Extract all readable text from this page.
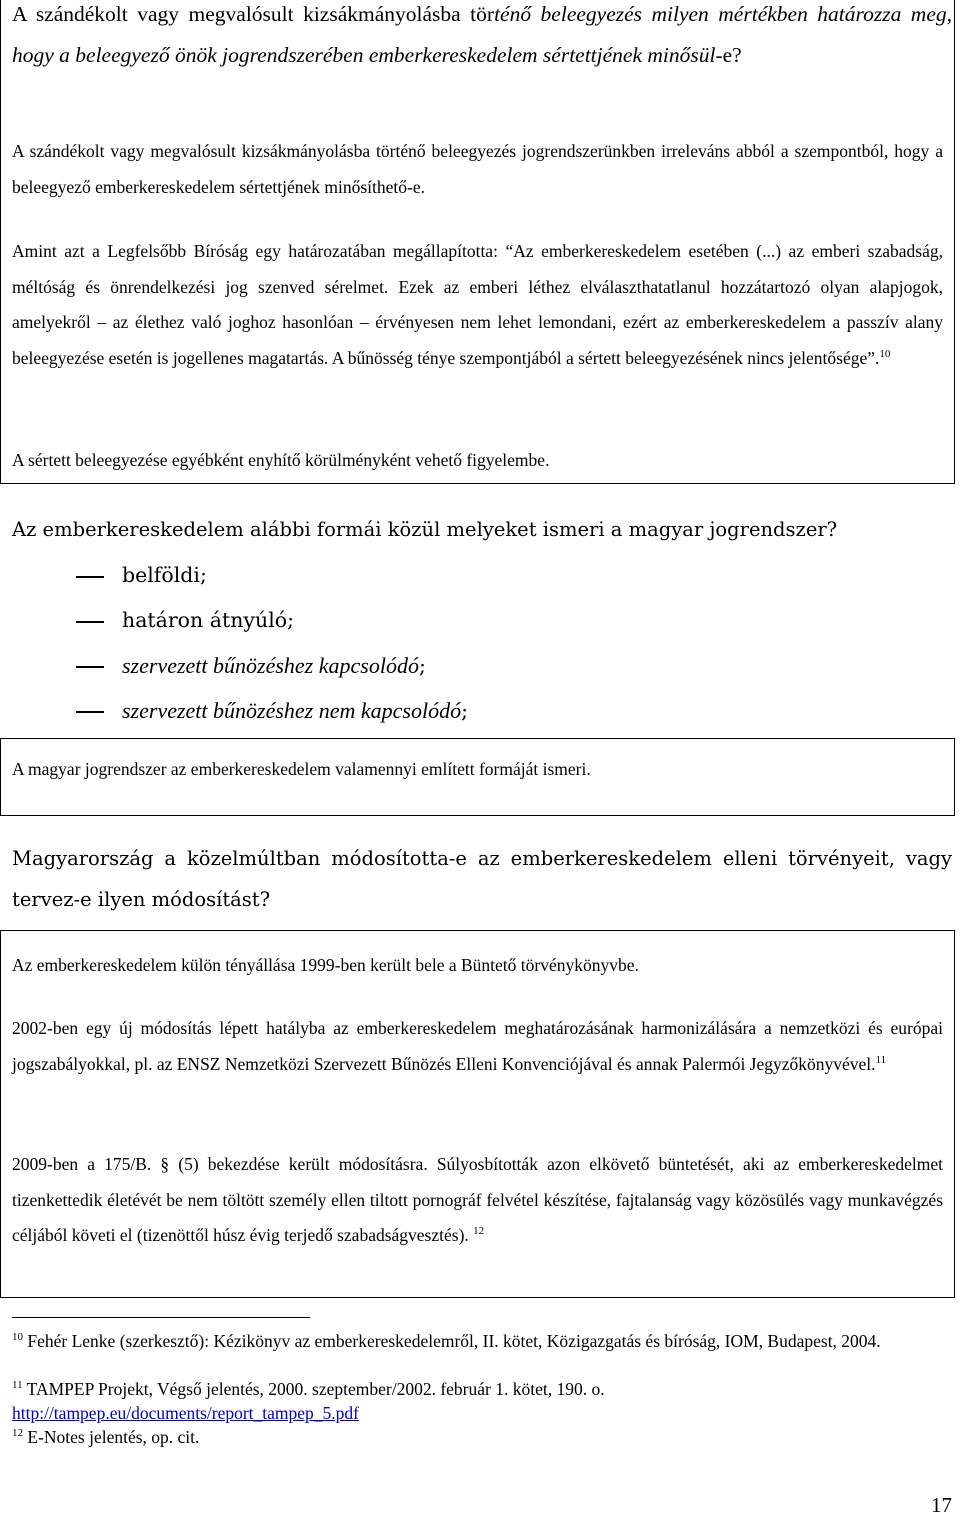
A szándékolt vagy megvalósult kizsákmányolásba történő beleegyezés milyen mértékben határozza meg, hogy a beleegyező önök jogrendszerében emberkereskedelem sértettjének minősül-e?

A szándékolt vagy megvalósult kizsákmányolásba történő beleegyezés jogrendszerünkben irreleváns abból a szempontból, hogy a beleegyező emberkereskedelem sértettjének minősíthető-e.

Amint azt a Legfelsőbb Bíróság egy határozatában megállapította: “Az emberkereskedelem esetében (...) az emberi szabadság, méltóság és önrendelkezési jog szenved sérelmet. Ezek az emberi léthez elválaszthatatlanul hozzátartozó olyan alapjogok, amelyekről – az élethez való joghoz hasonlóan – érvényesen nem lehet lemondani, ezért az emberkereskedelem a passzív alany beleegyezése esetén is jogellenes magatartás. A bűnösség ténye szempontjából a sértett beleegyezésének nincs jelentősége”.$^{10}$

A sértett beleegyezése egyébként enyhítő körülményként vehető figyelembe.

Az emberkereskedelem alábbi formái közül melyeket ismeri a magyar jogrendszer?
belföldi;
határon átnyúló;
szervezett bűnözéshez kapcsolódó;
szervezett bűnözéshez nem kapcsolódó;

A magyar jogrendszer az emberkereskedelem valamennyi említett formáját ismeri.

Magyarország a közelmúltban módosította-e az emberkereskedelem elleni törvényeit, vagy tervez-e ilyen módosítást?

Az emberkereskedelem külön tényállása 1999-ben került bele a Büntető törvénykönyvbe.

2002-ben egy új módosítás lépett hatályba az emberkereskedelem meghatározásának harmonizálására a nemzetközi és európai jogszabályokkal, pl. az ENSZ Nemzetközi Szervezett Bűnözés Elleni Konvenciójával és annak Palermói Jegyzőkönyvével.$^{11}$

2009-ben a 175/B. § (5) bekezdése került módosításra. Súlyosbították azon elkövető büntetését, aki az emberkereskedelmet tizenkettedik életévét be nem töltött személy ellen tiltott pornográf felvétel készítése, fajtalanság vagy közösülés vagy munkavégzés céljából követi el (tizenöttől húsz évig terjedő szabadságvesztés). $^{12}$

$^{10}$ Fehér Lenke (szerkesztő): Kézikönyv az emberkereskedelemről, II. kötet, Közigazgatás és bíróság, IOM, Budapest, 2004.

$^{11}$ TAMPEP Projekt, Végső jelentés, 2000. szeptember/2002. február 1. kötet, 190. o.
http://tampep.eu/documents/report_tampep_5.pdf

$^{12}$ E-Notes jelentés, op. cit.

17
